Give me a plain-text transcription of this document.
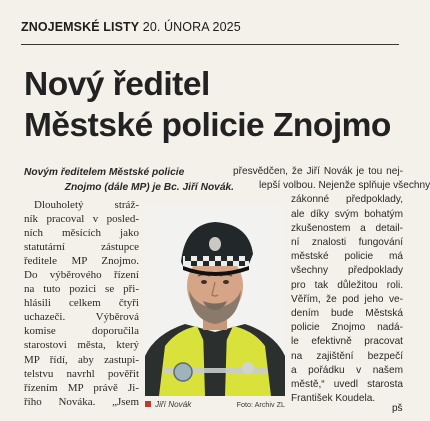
ZNOJEMSKÉ LISTY 20. ÚNORA 2025
Nový ředitel
Městské policie Znojmo
Novým ředitelem Městské policie
Znojmo (dále MP) je Bc. Jiří Novák.
Dlouholetý stráž-
ník pracoval v posled-
ních měsících jako
statutární zástupce
ředitele MP Znojmo.
Do výběrového řízení
na tuto pozici se při-
hlásili celkem čtyři
uchazeči. Výběrová
komise doporučila
starostovi města, který
MP řídí, aby zastupi-
telstvu navrhl pověřit
řízením MP právě Ji-
řího Nováka. „Jsem
přesvědčen, že Jiří Novák je tou nej-
lepší volbou. Nejenže splňuje všechny
zákonné předpoklady,
ale díky svým bohatým
zkušenostem a detail-
ní znalosti fungování
městské policie má
všechny předpoklady
pro tak důležitou roli.
Věřím, že pod jeho ve-
dením bude Městská
policie Znojmo nadá-
le efektivně pracovat
na zajištění bezpečí
a pořádku v našem
městě,“ uvedl starosta
František Koudela.
Jiří Novák	Foto: Archiv ZL	pš
